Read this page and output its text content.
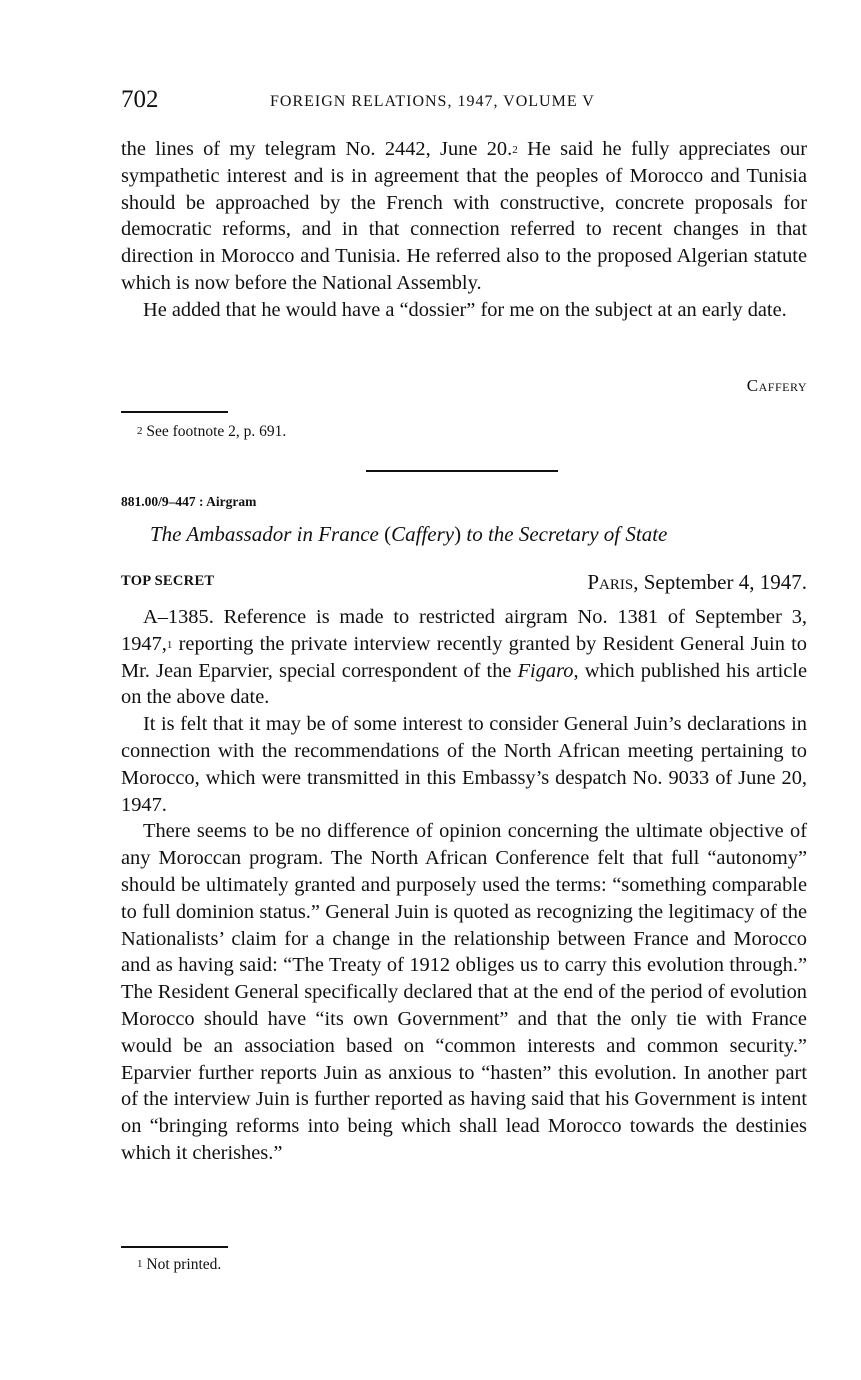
702	FOREIGN RELATIONS, 1947, VOLUME V

the lines of my telegram No. 2442, June 20.$^2$ He said he fully appreciates our sympathetic interest and is in agreement that the peoples of Morocco and Tunisia should be approached by the French with constructive, concrete proposals for democratic reforms, and in that connection referred to recent changes in that direction in Morocco and Tunisia. He referred also to the proposed Algerian statute which is now before the National Assembly.

He added that he would have a “dossier” for me on the subject at an early date.

Caffery
$^2$ See footnote 2, p. 691.
881.00/9–447 : Airgram
The Ambassador in France (Caffery) to the Secretary of State
TOP SECRET	Paris, September 4, 1947.

A–1385. Reference is made to restricted airgram No. 1381 of September 3, 1947,$^1$ reporting the private interview recently granted by Resident General Juin to Mr. Jean Eparvier, special correspondent of the Figaro, which published his article on the above date.

It is felt that it may be of some interest to consider General Juin’s declarations in connection with the recommendations of the North African meeting pertaining to Morocco, which were transmitted in this Embassy’s despatch No. 9033 of June 20, 1947.

There seems to be no difference of opinion concerning the ultimate objective of any Moroccan program. The North African Conference felt that full “autonomy” should be ultimately granted and purposely used the terms: “something comparable to full dominion status.” General Juin is quoted as recognizing the legitimacy of the Nationalists’ claim for a change in the relationship between France and Morocco and as having said: “The Treaty of 1912 obliges us to carry this evolution through.” The Resident General specifically declared that at the end of the period of evolution Morocco should have “its own Government” and that the only tie with France would be an association based on “common interests and common security.” Eparvier further reports Juin as anxious to “hasten” this evolution. In another part of the interview Juin is further reported as having said that his Government is intent on “bringing reforms into being which shall lead Morocco towards the destinies which it cherishes.”

$^1$ Not printed.
